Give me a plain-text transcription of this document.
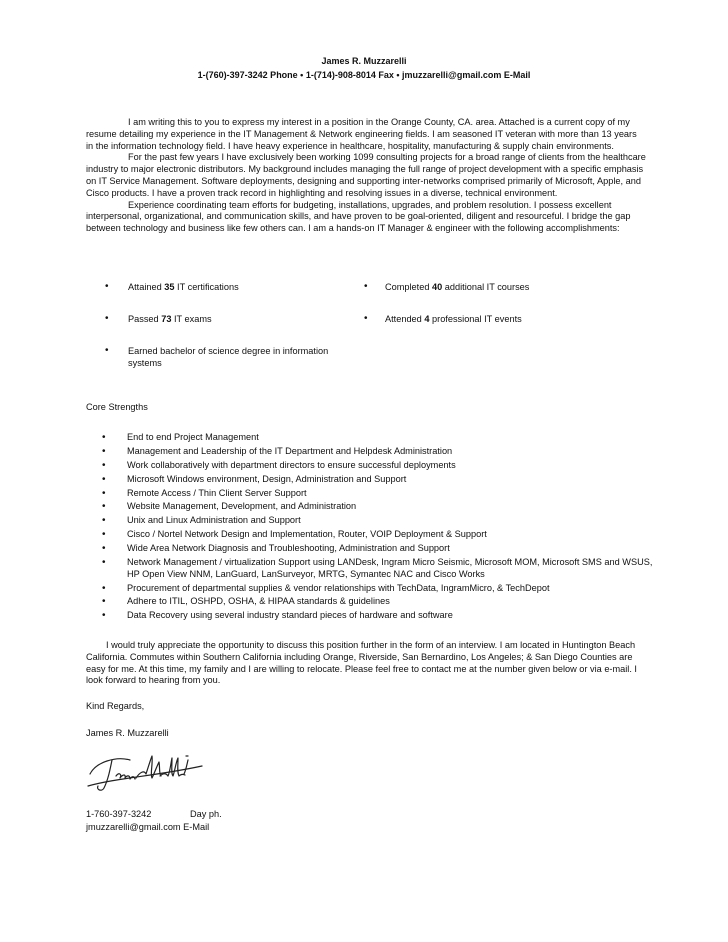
James R. Muzzarelli
1-(760)-397-3242 Phone • 1-(714)-908-8014 Fax • jmuzzarelli@gmail.com E-Mail

I am writing this to you to express my interest in a position in the Orange County, CA. area. Attached is a current copy of my resume detailing my experience in the IT Management & Network engineering fields. I am seasoned IT veteran with more than 13 years in the information technology field. I have heavy experience in healthcare, hospitality, manufacturing & supply chain environments.

For the past few years I have exclusively been working 1099 consulting projects for a broad range of clients from the healthcare industry to major electronic distributors. My background includes managing the full range of project development with a specific emphasis on IT Service Management. Software deployments, designing and supporting inter-networks comprised primarily of Microsoft, Apple, and Cisco products. I have a proven track record in highlighting and resolving issues in a diverse, technical environment.

Experience coordinating team efforts for budgeting, installations, upgrades, and problem resolution. I possess excellent interpersonal, organizational, and communication skills, and have proven to be goal-oriented, diligent and resourceful. I bridge the gap between technology and business like few others can. I am a hands-on IT Manager & engineer with the following accomplishments:

• Attained 35 IT certifications	• Completed 40 additional IT courses
• Passed 73 IT exams	• Attended 4 professional IT events
• Earned bachelor of science degree in information systems
Core Strengths
• End to end Project Management
• Management and Leadership of the IT Department and Helpdesk Administration
• Work collaboratively with department directors to ensure successful deployments
• Microsoft Windows environment, Design, Administration and Support
• Remote Access / Thin Client Server Support
• Website Management, Development, and Administration
• Unix and Linux Administration and Support
• Cisco / Nortel Network Design and Implementation, Router, VOIP Deployment & Support
• Wide Area Network Diagnosis and Troubleshooting, Administration and Support
• Network Management / virtualization Support using LANDesk, Ingram Micro Seismic, Microsoft MOM, Microsoft SMS and WSUS, HP Open View NNM, LanGuard, LanSurveyor, MRTG, Symantec NAC and Cisco Works
• Procurement of departmental supplies & vendor relationships with TechData, IngramMicro, & TechDepot
• Adhere to ITIL, OSHPD, OSHA, & HIPAA standards & guidelines
• Data Recovery using several industry standard pieces of hardware and software

I would truly appreciate the opportunity to discuss this position further in the form of an interview. I am located in Huntington Beach California. Commutes within Southern California including Orange, Riverside, San Bernardino, Los Angeles; & San Diego Counties are easy for me. At this time, my family and I are willing to relocate. Please feel free to contact me at the number given below or via e-mail. I look forward to hearing from you.

Kind Regards,
James R. Muzzarelli
1-760-397-3242	Day ph.
jmuzzarelli@gmail.com E-Mail
